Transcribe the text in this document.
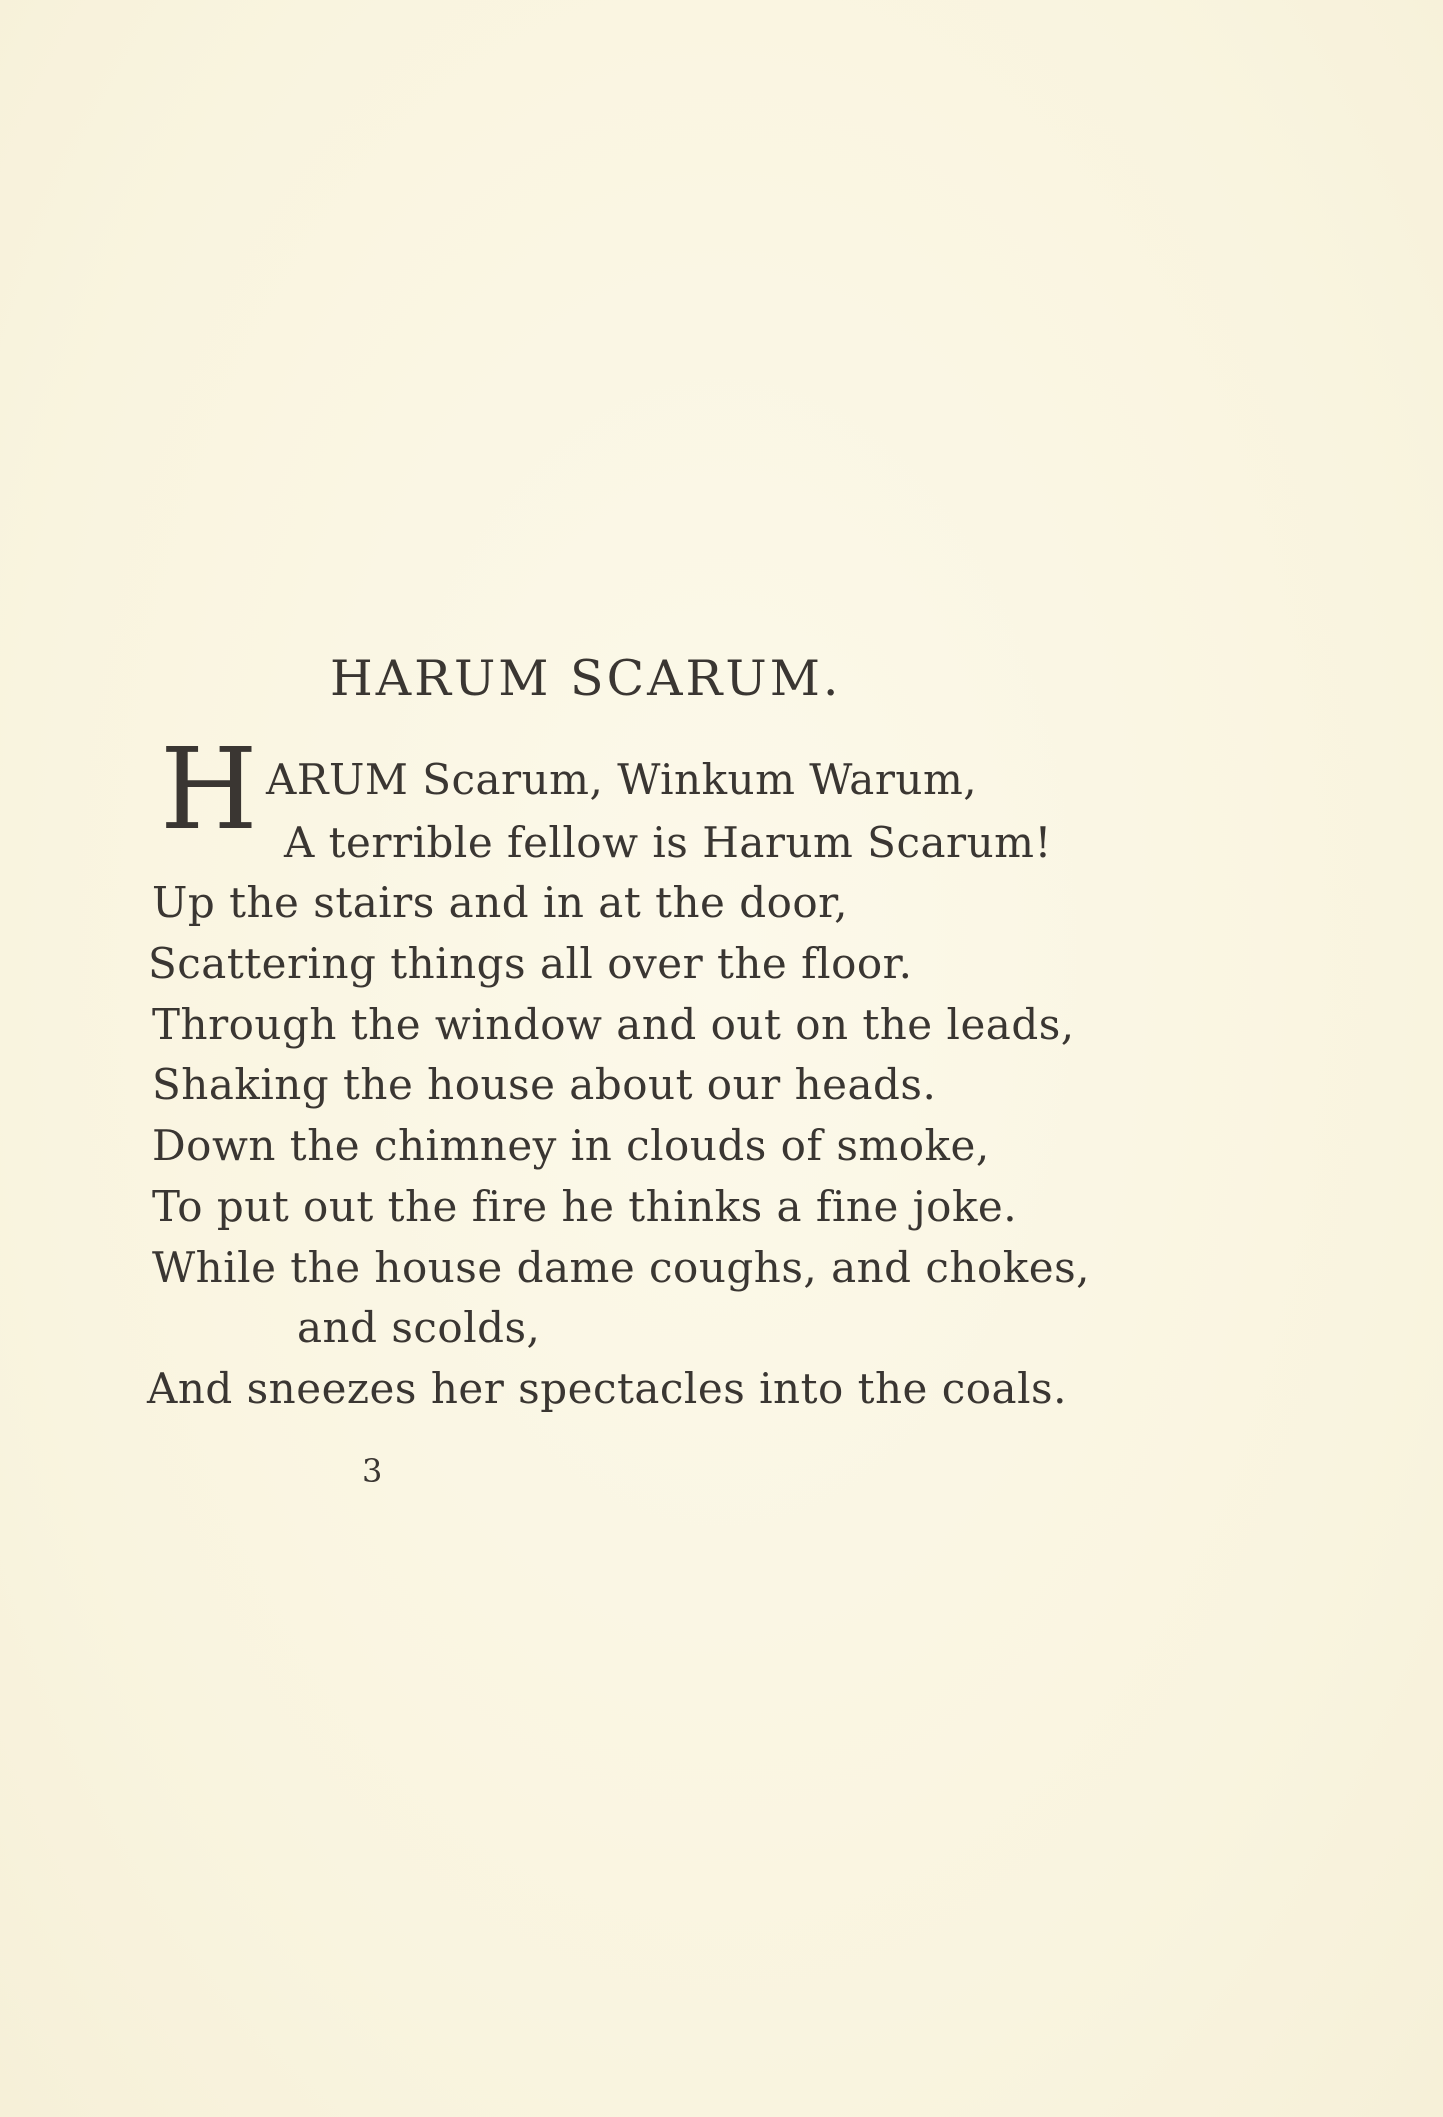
HARUM SCARUM.
H ARUM Scarum, Winkum Warum,
A terrible fellow is Harum Scarum!
Up the stairs and in at the door,
Scattering things all over the floor.
Through the window and out on the leads,
Shaking the house about our heads.
Down the chimney in clouds of smoke,
To put out the fire he thinks a fine joke.
While the house dame coughs, and chokes,
and scolds,
And sneezes her spectacles into the coals.
3
